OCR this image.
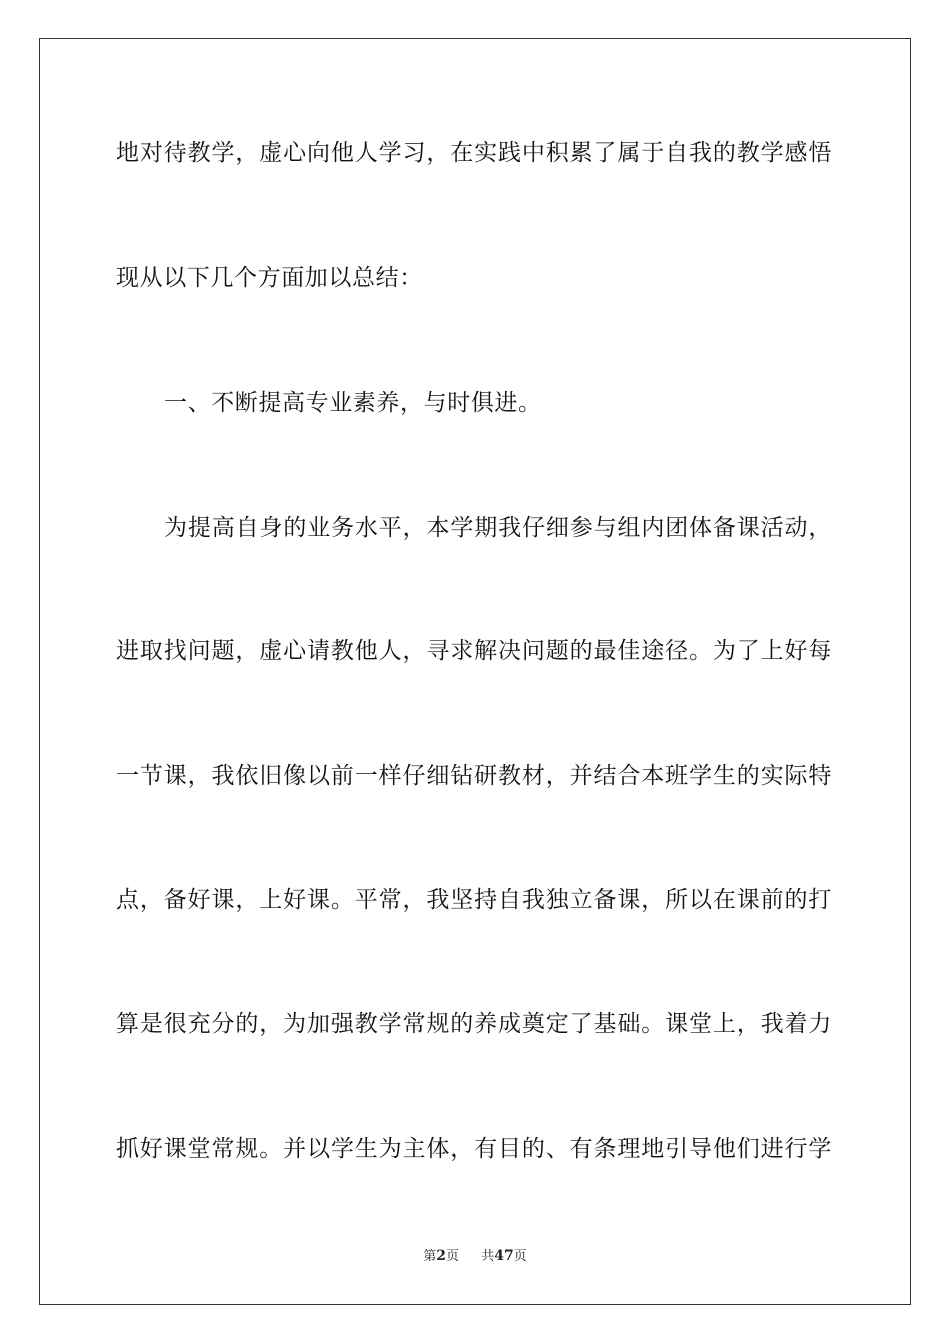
地对待教学，虚心向他人学习，在实践中积累了属于自我的教学感悟
现从以下几个方面加以总结：
一、不断提高专业素养，与时俱进。
为提高自身的业务水平，本学期我仔细参与组内团体备课活动，
进取找问题，虚心请教他人，寻求解决问题的最佳途径。为了上好每
一节课，我依旧像以前一样仔细钻研教材，并结合本班学生的实际特
点，备好课，上好课。平常，我坚持自我独立备课，所以在课前的打
算是很充分的，为加强教学常规的养成奠定了基础。课堂上，我着力
抓好课堂常规。并以学生为主体，有目的、有条理地引导他们进行学
第2页 共47页
